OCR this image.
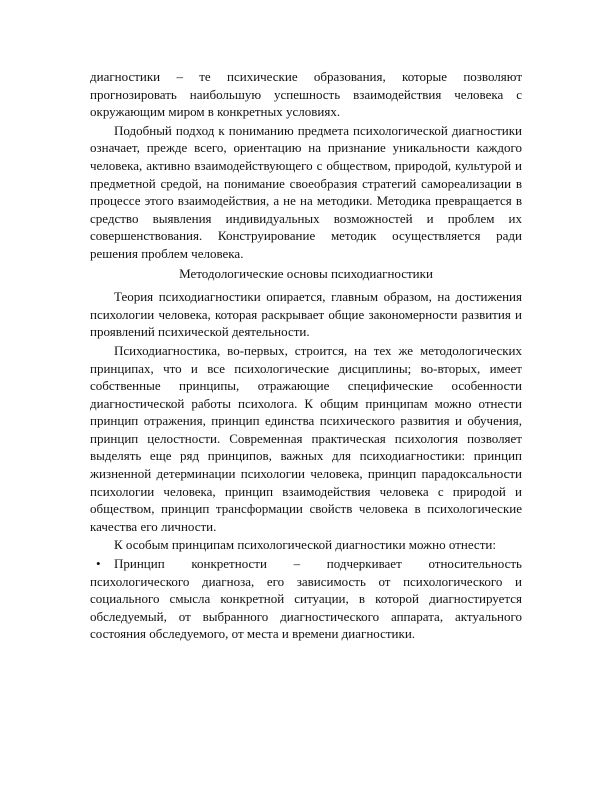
диагностики – те психические образования, которые позволяют прогнозировать наибольшую успешность взаимодействия человека с окружающим миром в конкретных условиях.

Подобный подход к пониманию предмета психологической диагностики означает, прежде всего, ориентацию на признание уникальности каждого человека, активно взаимодействующего с обществом, природой, культурой и предметной средой, на понимание своеобразия стратегий самореализации в процессе этого взаимодействия, а не на методики. Методика превращается в средство выявления индивидуальных возможностей и проблем их совершенствования. Конструирование методик осуществляется ради решения проблем человека.

Методологические основы психодиагностики

Теория психодиагностики опирается, главным образом, на достижения психологии человека, которая раскрывает общие закономерности развития и проявлений психической деятельности.

Психодиагностика, во-первых, строится, на тех же методологических принципах, что и все психологические дисциплины; во-вторых, имеет собственные принципы, отражающие специфические особенности диагностической работы психолога. К общим принципам можно отнести принцип отражения, принцип единства психического развития и обучения, принцип целостности. Современная практическая психология позволяет выделять еще ряд принципов, важных для психодиагностики: принцип жизненной детерминации психологии человека, принцип парадоксальности психологии человека, принцип взаимодействия человека с природой и обществом, принцип трансформации свойств человека в психологические качества его личности.

К особым принципам психологической диагностики можно отнести:

• Принцип конкретности – подчеркивает относительность психологического диагноза, его зависимость от психологического и социального смысла конкретной ситуации, в которой диагностируется обследуемый, от выбранного диагностического аппарата, актуального состояния обследуемого, от места и времени диагностики.
